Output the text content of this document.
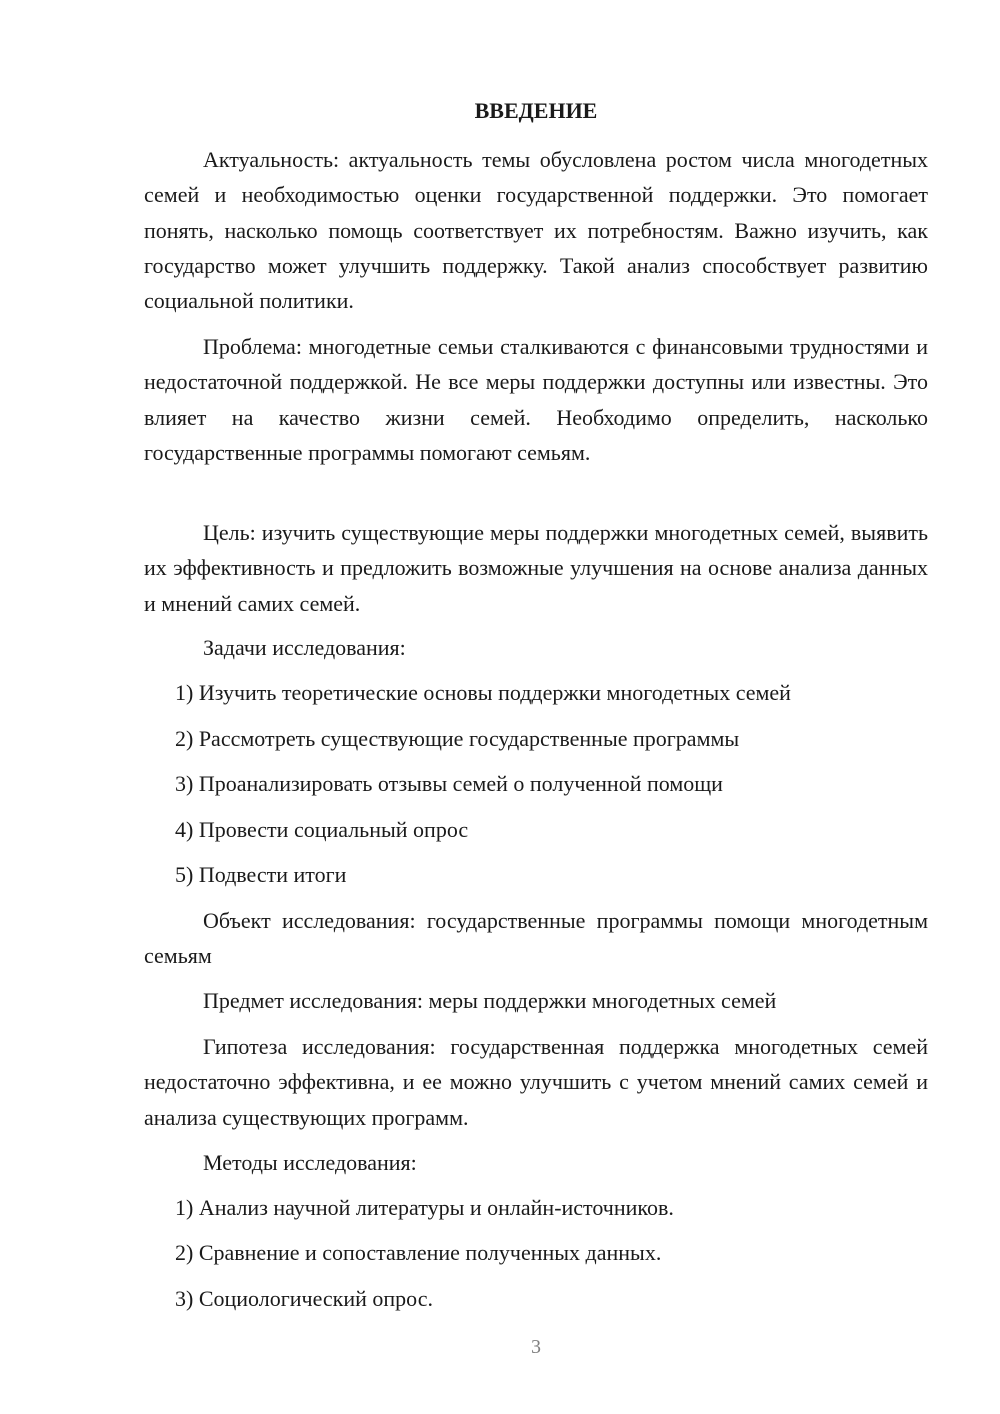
ВВЕДЕНИЕ

Актуальность: актуальность темы обусловлена ростом числа многодетных семей и необходимостью оценки государственной поддержки. Это помогает понять, насколько помощь соответствует их потребностям. Важно изучить, как государство может улучшить поддержку. Такой анализ способствует развитию социальной политики.

Проблема: многодетные семьи сталкиваются с финансовыми трудностями и недостаточной поддержкой. Не все меры поддержки доступны или известны. Это влияет на качество жизни семей. Необходимо определить, насколько государственные программы помогают семьям.

Цель: изучить существующие меры поддержки многодетных семей, выявить их эффективность и предложить возможные улучшения на основе анализа данных и мнений самих семей.

Задачи исследования:

1) Изучить теоретические основы поддержки многодетных семей

2) Рассмотреть существующие государственные программы

3) Проанализировать отзывы семей о полученной помощи

4) Провести социальный опрос

5) Подвести итоги

Объект исследования: государственные программы помощи многодетным семьям

Предмет исследования: меры поддержки многодетных семей

Гипотеза исследования: государственная поддержка многодетных семей недостаточно эффективна, и ее можно улучшить с учетом мнений самих семей и анализа существующих программ.

Методы исследования:

1) Анализ научной литературы и онлайн-источников.

2) Сравнение и сопоставление полученных данных.

3) Социологический опрос.

3
